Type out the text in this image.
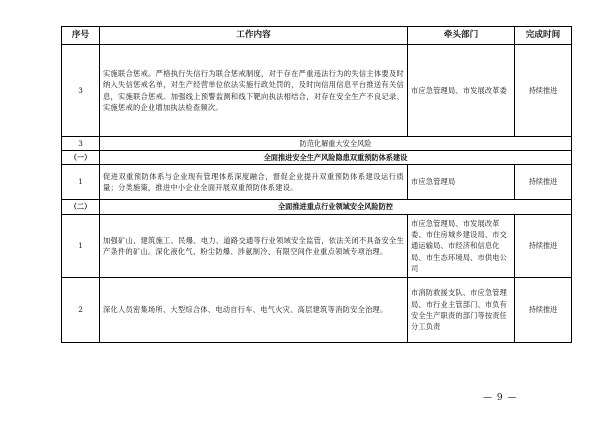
序号	工作内容	牵头部门	完成时间
3	实施联合惩戒。严格执行失信行为联合惩戒制度，对于存在严重违法行为的失信主体要及时纳入失信惩戒名单，对生产经营单位依法实施行政处罚的，及时向信用信息平台推送有关信息，实施联合惩戒。加强线上预警监测和线下靶向执法相结合，对存在安全生产不良记录、实施惩戒的企业增加执法检查频次。	市应急管理局、市发展改革委	持续推进
3	防范化解重大安全风险		
（一）	全面推进安全生产风险隐患双重预防体系建设		
1	促进双重预防体系与企业现有管理体系深度融合，督促企业提升双重预防体系建设运行质量；分类施策，推进中小企业全面开展双重预防体系建设。	市应急管理局	持续推进
（二）	全面推进重点行业领域安全风险防控		
1	加强矿山、建筑施工、民爆、电力、道路交通等行业领域安全监管，依法关闭不具备安全生产条件的矿山。深化液化气、粉尘防爆、涉氨制冷、有限空间作业重点领域专项治理。	市应急管理局、市发展改革委、市住房城乡建设局、市交通运输局、市经济和信息化局、市生态环境局、市供电公司	持续推进
2	深化人员密集场所、大型综合体、电动自行车、电气火灾、高层建筑等消防安全治理。	市消防救援支队、市应急管理局、市行业主管部门、市负有安全生产职责的部门等按责任分工负责	持续推进
— 9 —
